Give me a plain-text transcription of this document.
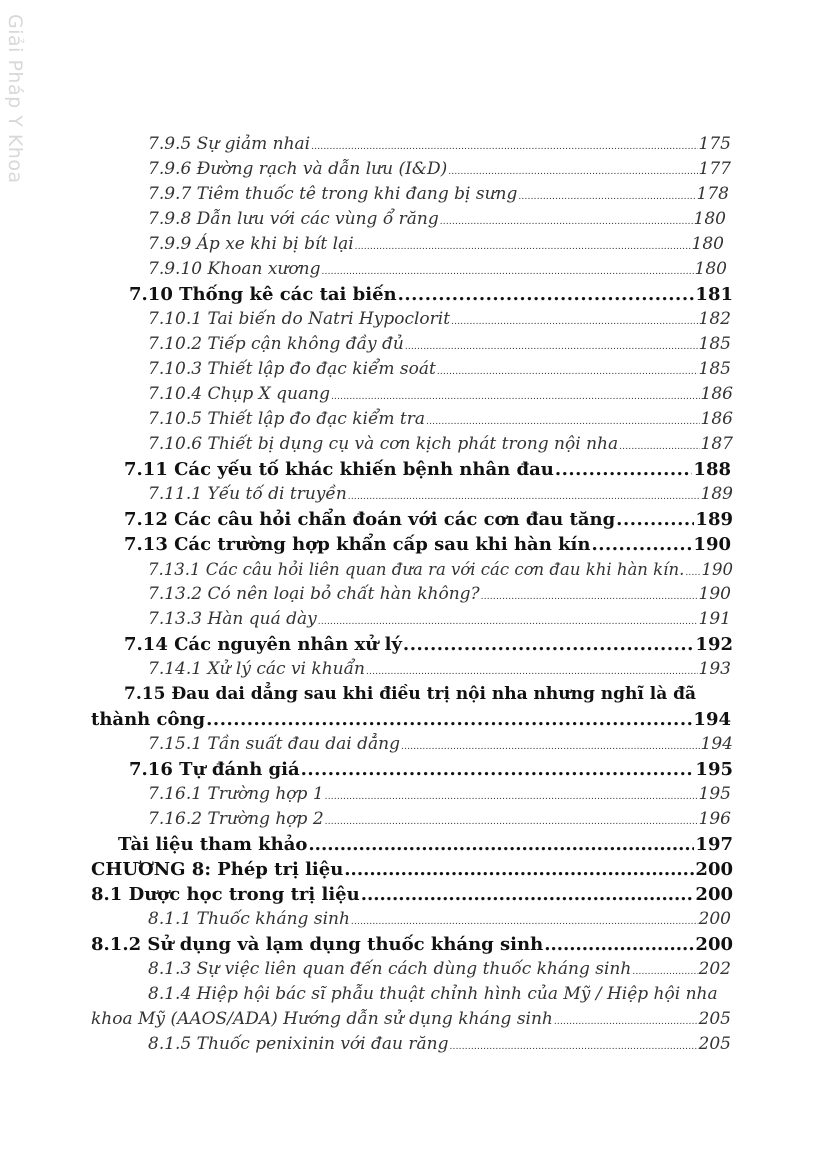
Giải Pháp Y Khoa	7.9.5 Sự giảm nhai .....	175
7.9.6 Đường rạch và dẫn lưu (I&D) .....	177
7.9.7 Tiêm thuốc tê trong khi đang bị sưng .....	178
7.9.8 Dẫn lưu với các vùng ổ răng .....	180
7.9.9 Áp xe khi bị bít lại .....	180
7.9.10 Khoan xương .....	180
7.10 Thống kê các tai biến .....	181
7.10.1 Tai biến do Natri Hypoclorit .....	182
7.10.2 Tiếp cận không đầy đủ .....	185
7.10.3 Thiết lập đo đạc kiểm soát .....	185
7.10.4 Chụp X quang .....	186
7.10.5 Thiết lập đo đạc kiểm tra .....	186
7.10.6 Thiết bị dụng cụ và cơn kịch phát trong nội nha .....	187
7.11 Các yếu tố khác khiến bệnh nhân đau .....	188
7.11.1 Yếu tố di truyền .....	189
7.12 Các câu hỏi chẩn đoán với các cơn đau tăng .....	189
7.13 Các trường hợp khẩn cấp sau khi hàn kín .....	190
7.13.1 Các câu hỏi liên quan đưa ra với các cơn đau khi hàn kín. ..... 190
7.13.2 Có nên loại bỏ chất hàn không? .....	190
7.13.3 Hàn quá dày .....	191
7.14 Các nguyên nhân xử lý .....	192
7.14.1 Xử lý các vi khuẩn .....	193
7.15 Đau dai dẳng sau khi điều trị nội nha nhưng nghĩ là đã
thành công .....	194
7.15.1 Tần suất đau dai dẳng .....	194
7.16 Tự đánh giá .....	195
7.16.1 Trường hợp 1 .....	195
7.16.2 Trường hợp 2 .....	196
Tài liệu tham khảo .....	197
CHƯƠNG 8: Phép trị liệu .....	200
8.1 Dược học trong trị liệu .....	200
8.1.1 Thuốc kháng sinh .....	200
8.1.2 Sử dụng và lạm dụng thuốc kháng sinh .....	200
8.1.3 Sự việc liên quan đến cách dùng thuốc kháng sinh .....	202
8.1.4 Hiệp hội bác sĩ phẫu thuật chỉnh hình của Mỹ / Hiệp hội nha
khoa Mỹ (AAOS/ADA) Hướng dẫn sử dụng kháng sinh .....	205
8.1.5 Thuốc penixinin với đau răng .....	205
